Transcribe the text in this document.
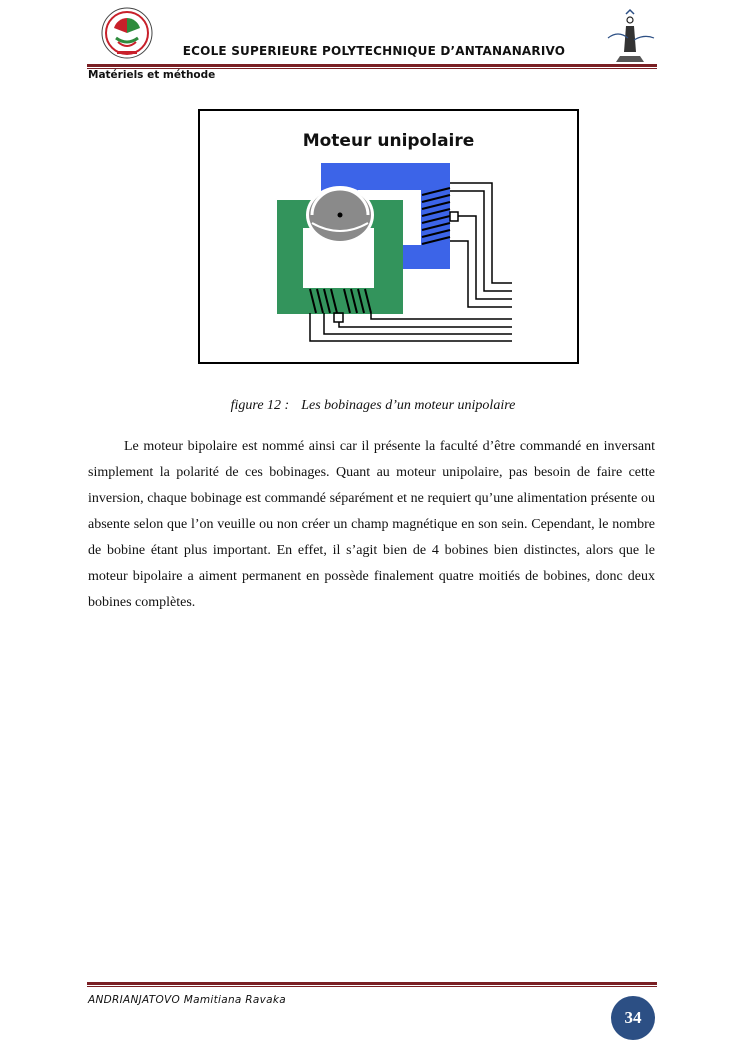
ECOLE SUPERIEURE POLYTECHNIQUE D’ANTANANARIVO
Matériels et méthode
Moteur unipolaire
figure 12 : Les bobinages d’un moteur unipolaire

Le moteur bipolaire est nommé ainsi car il présente la faculté d’être commandé en inversant simplement la polarité de ces bobinages. Quant au moteur unipolaire, pas besoin de faire cette inversion, chaque bobinage est commandé séparément et ne requiert qu’une alimentation présente ou absente selon que l’on veuille ou non créer un champ magnétique en son sein. Cependant, le nombre de bobine étant plus important. En effet, il s’agit bien de 4 bobines bien distinctes, alors que le moteur bipolaire a aiment permanent en possède finalement quatre moitiés de bobines, donc deux bobines complètes.

ANDRIANJATOVO Mamitiana Ravaka
34
